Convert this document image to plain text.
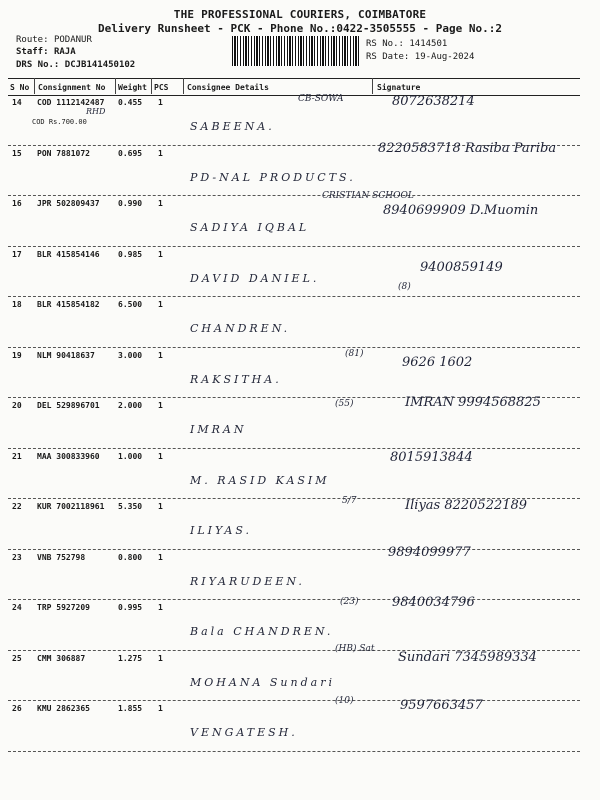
THE PROFESSIONAL COURIERS, COIMBATORE
Delivery Runsheet - PCK - Phone No.:0422-3505555 - Page No.:2
Route: PODANUR
Staff: RAJA
DRS No.: DCJB141450102
RS No.: 1414501
RS Date: 19-Aug-2024
S No Consignment No Weight PCS Consignee Details	Signature
14 COD 1112142487 0.455 1
COD Rs.700.00
RHD
SABEENA.
CB-SOWA	8072638214
15 PON 7881072	0.695 1
PD-NAL PRODUCTS.
8220583718 Rasiba Pariba
16 JPR 502809437 0.990 1
SADIYA IQBAL
CRISTIAN SCHOOL
8940699909 D.Muomin
17 BLR 415854146 0.985 1
DAVID DANIEL.
9400859149
18 BLR 415854182 6.500 1
CHANDREN.
(8)
19 NLM 90418637	3.000 1
RAKSITHA.
(81)
9626 1602
20 DEL 529896701 2.000 1
IMRAN
(55)	IMRAN 9994568825
21 MAA 300833960 1.000 1
M. RASID KASIM
8015913844
22 KUR 7002118961 5.350 1
ILIYAS.
5/7	Iliyas 8220522189
23 VNB 752798	0.800 1
RIYARUDEEN.
9894099977
24 TRP 5927209	0.995 1
Bala CHANDREN.
(23)	9840034796
25 CMM 306887	1.275 1
MOHANA Sundari
(HB) Sat
Sundari 7345989334
26 KMU 2862365	1.855 1
VENGATESH.
(10)	9597663457
